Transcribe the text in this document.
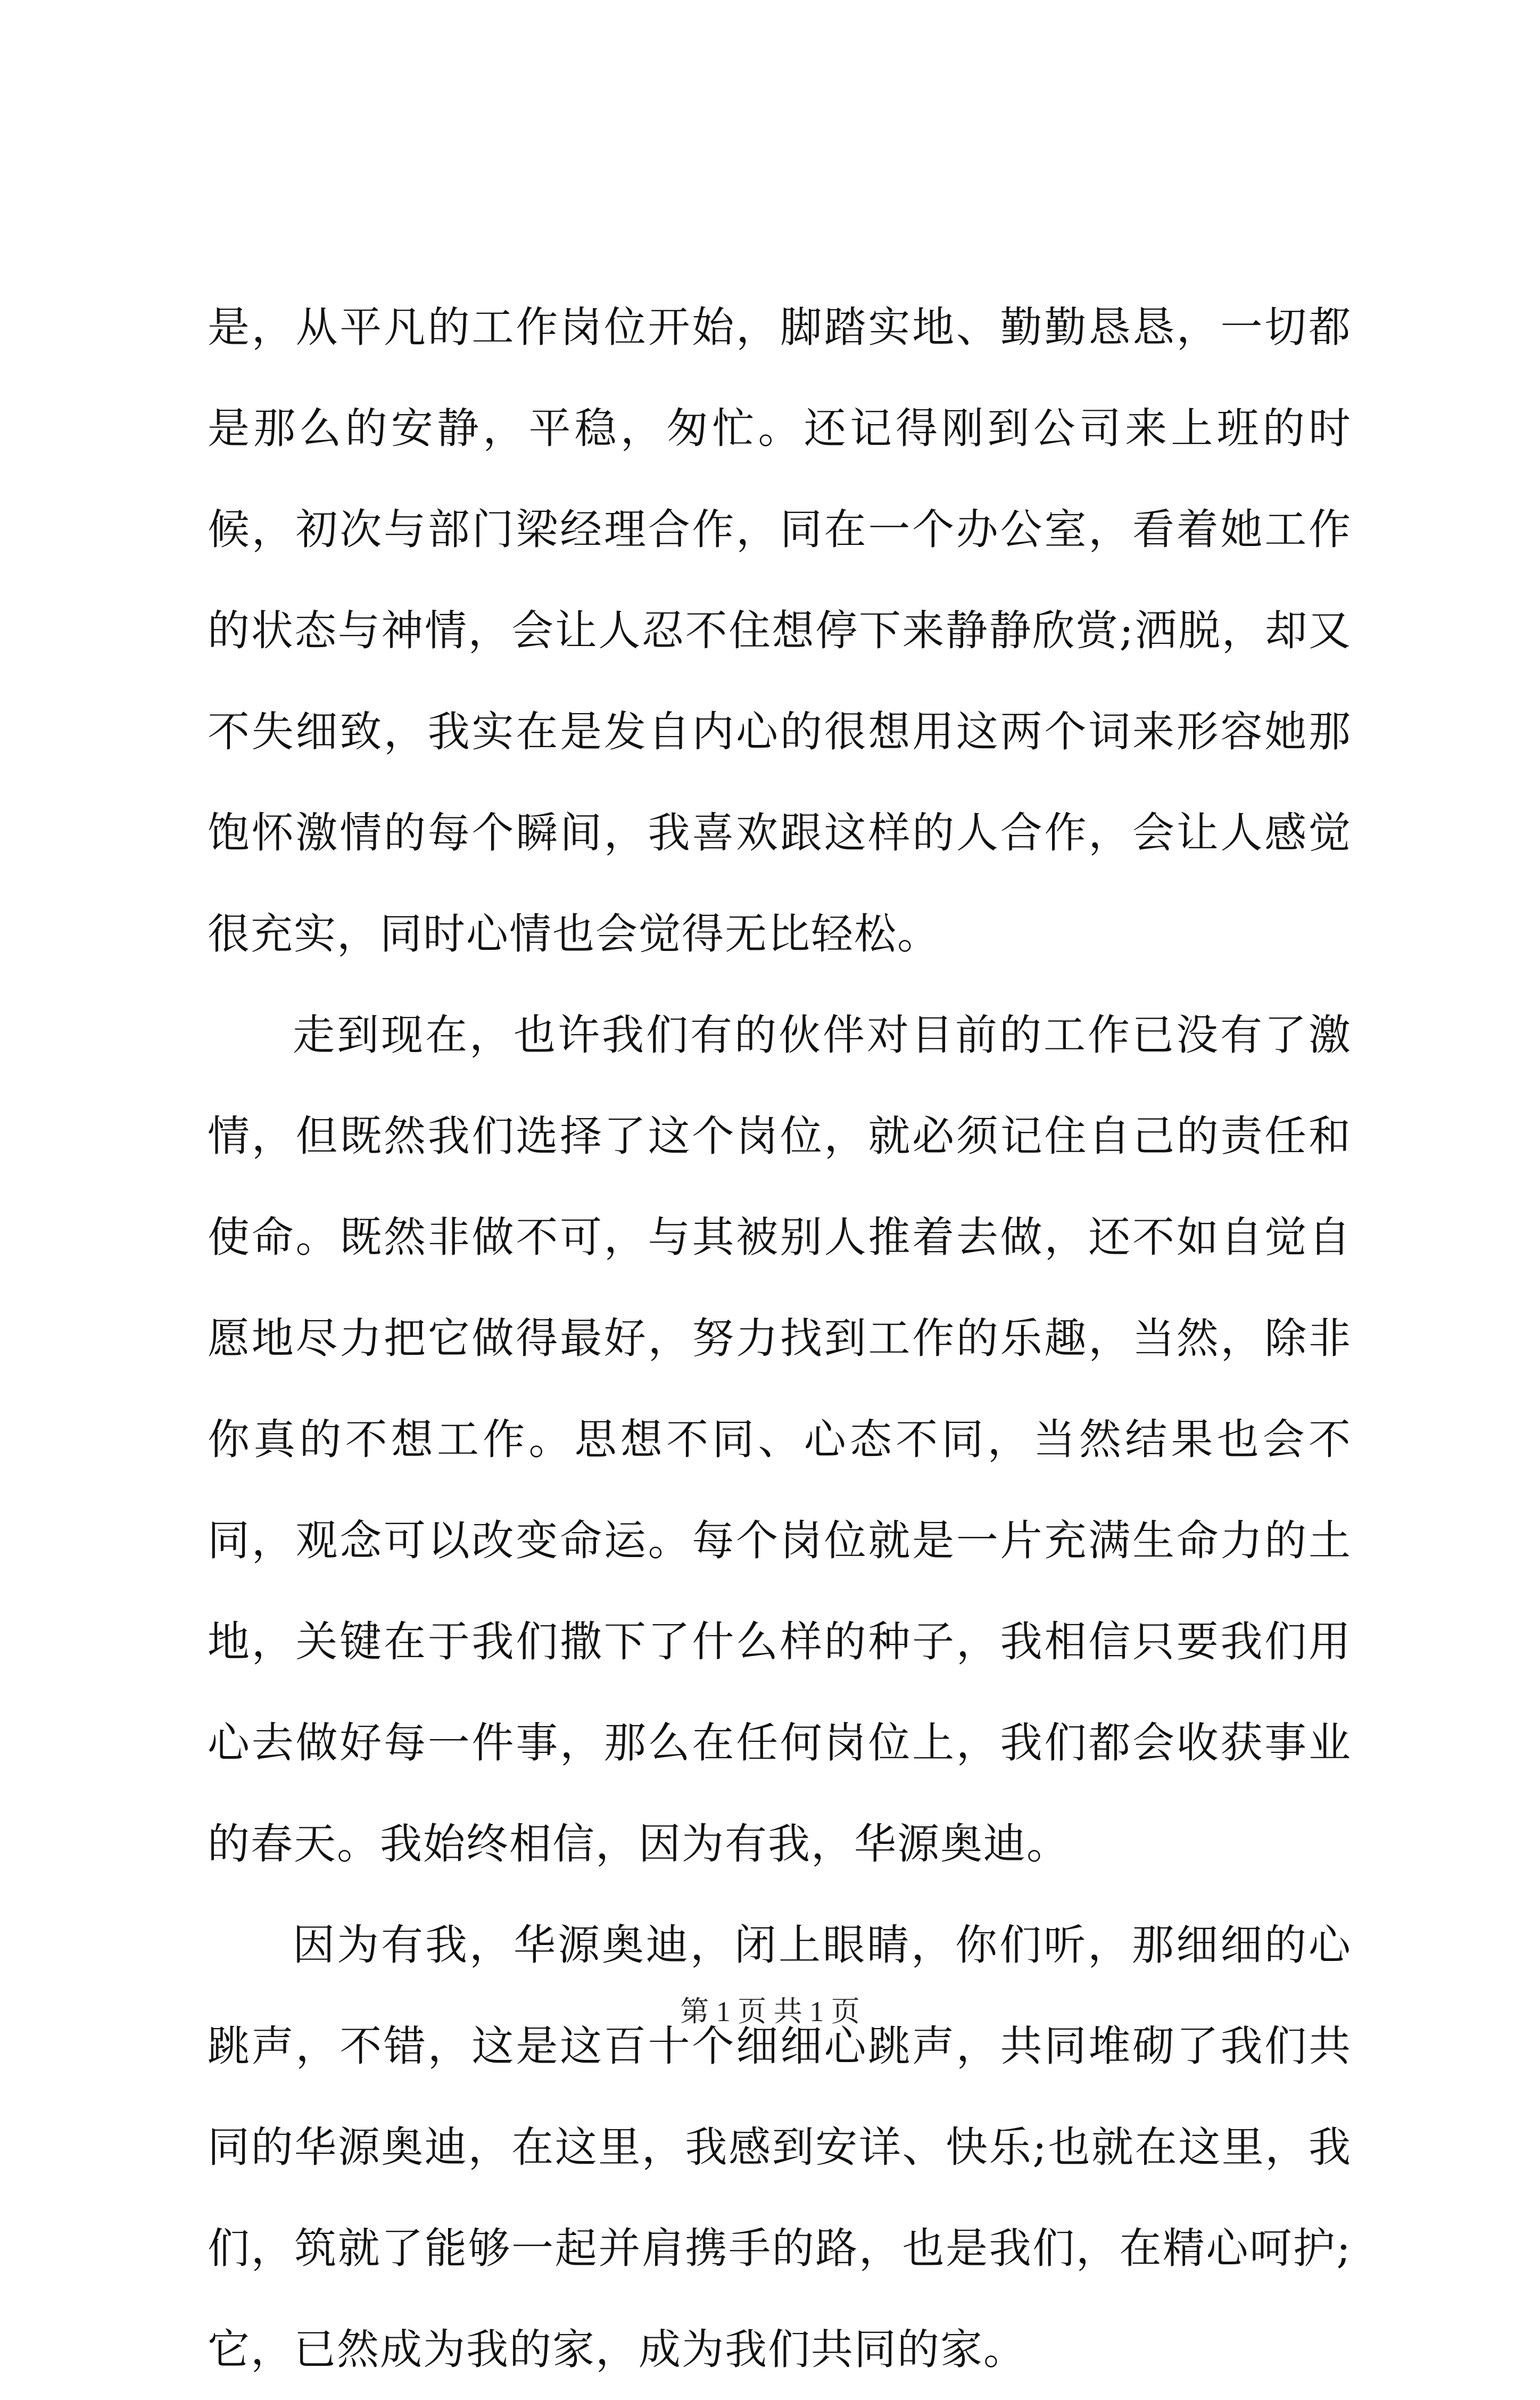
是，从平凡的工作岗位开始，脚踏实地、勤勤恳恳，一切都是那么的安静，平稳，匆忙。还记得刚到公司来上班的时候，初次与部门梁经理合作，同在一个办公室，看着她工作的状态与神情，会让人忍不住想停下来静静欣赏;洒脱，却又不失细致，我实在是发自内心的很想用这两个词来形容她那饱怀激情的每个瞬间，我喜欢跟这样的人合作，会让人感觉很充实，同时心情也会觉得无比轻松。

走到现在，也许我们有的伙伴对目前的工作已没有了激情，但既然我们选择了这个岗位，就必须记住自己的责任和使命。既然非做不可，与其被别人推着去做，还不如自觉自愿地尽力把它做得最好，努力找到工作的乐趣，当然，除非你真的不想工作。思想不同、心态不同，当然结果也会不同，观念可以改变命运。每个岗位就是一片充满生命力的土地，关键在于我们撒下了什么样的种子，我相信只要我们用心去做好每一件事，那么在任何岗位上，我们都会收获事业的春天。我始终相信，因为有我，华源奥迪。

因为有我，华源奥迪，闭上眼睛，你们听，那细细的心跳声，不错，这是这百十个细细心跳声，共同堆砌了我们共同的华源奥迪，在这里，我感到安详、快乐;也就在这里，我们，筑就了能够一起并肩携手的路，也是我们，在精心呵护;它，已然成为我的家，成为我们共同的家。

第 1 页 共 1 页
